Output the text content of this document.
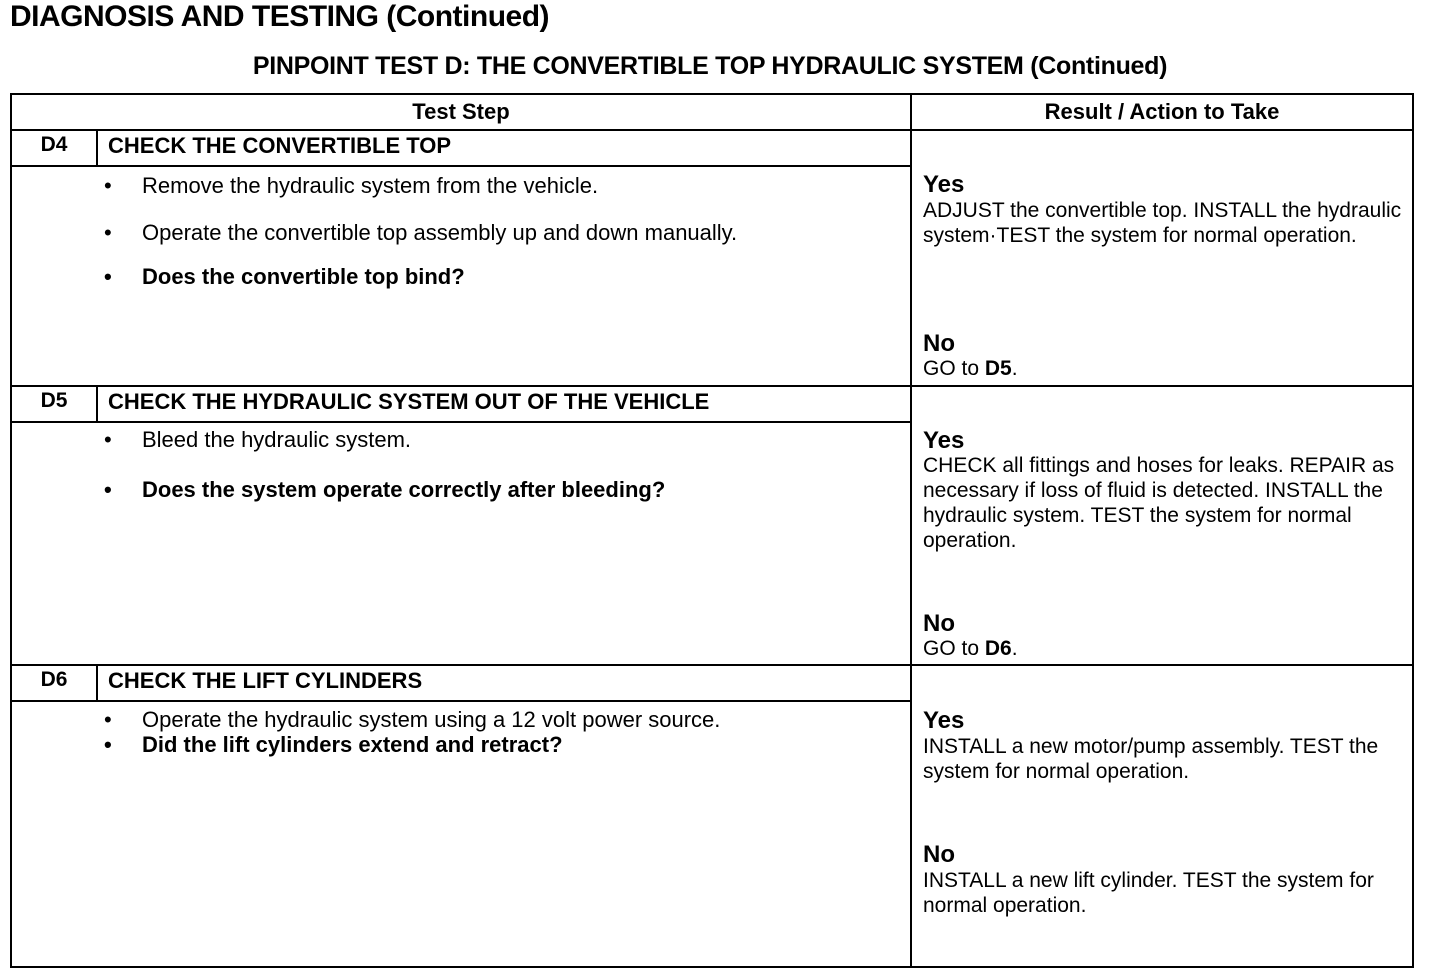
DIAGNOSIS AND TESTING (Continued)
PINPOINT TEST D: THE CONVERTIBLE TOP HYDRAULIC SYSTEM (Continued)
Test Step	Result / Action to Take
D4	CHECK THE CONVERTIBLE TOP
• Remove the hydraulic system from the vehicle.
• Operate the convertible top assembly up and down manually.
• Does the convertible top bind?
Yes
ADJUST the convertible top. INSTALL the hydraulic system·TEST the system for normal operation.
No
GO to D5.
D5	CHECK THE HYDRAULIC SYSTEM OUT OF THE VEHICLE
• Bleed the hydraulic system.
• Does the system operate correctly after bleeding?
Yes
CHECK all fittings and hoses for leaks. REPAIR as necessary if loss of fluid is detected. INSTALL the hydraulic system. TEST the system for normal operation.
No
GO to D6.
D6	CHECK THE LIFT CYLINDERS
• Operate the hydraulic system using a 12 volt power source.
• Did the lift cylinders extend and retract?
Yes
INSTALL a new motor/pump assembly. TEST the system for normal operation.
No
INSTALL a new lift cylinder. TEST the system for normal operation.
